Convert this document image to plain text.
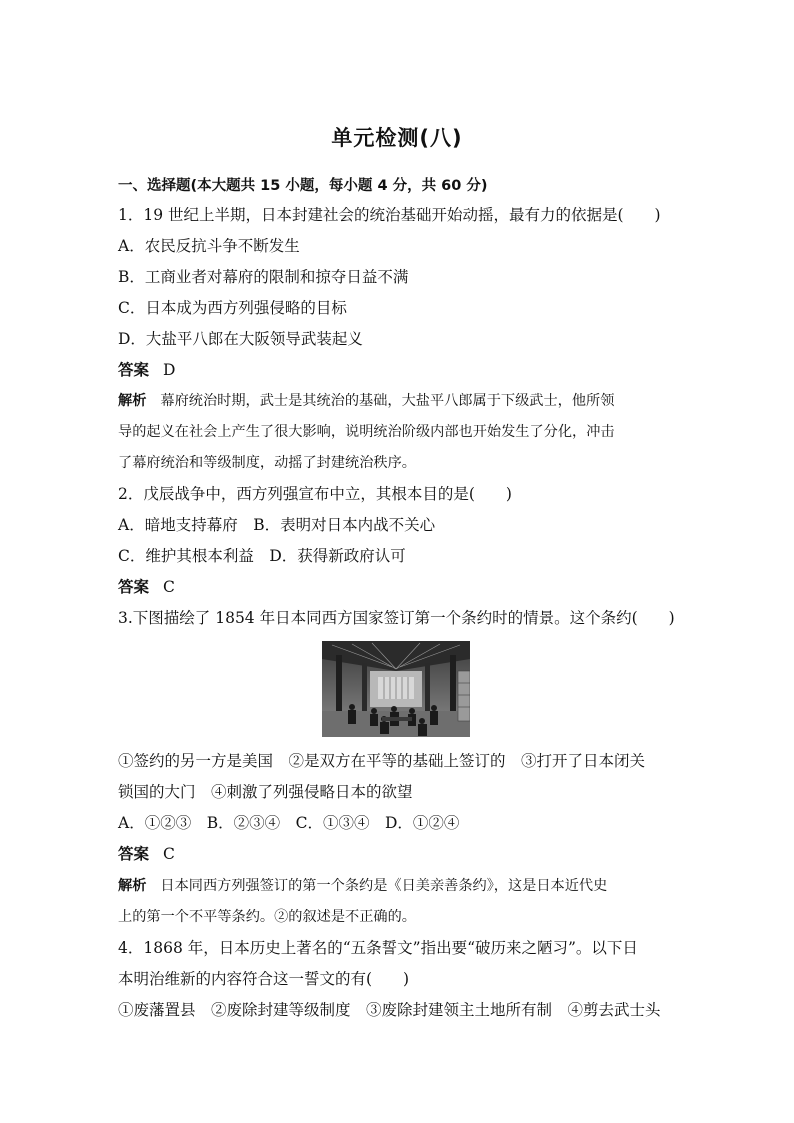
单元检测(八)
一、选择题(本大题共 15 小题，每小题 4 分，共 60 分)
1．19 世纪上半期，日本封建社会的统治基础开始动摇，最有力的依据是(　　)
A．农民反抗斗争不断发生
B．工商业者对幕府的限制和掠夺日益不满
C．日本成为西方列强侵略的目标
D．大盐平八郎在大阪领导武装起义
答案 D
解析 幕府统治时期，武士是其统治的基础，大盐平八郎属于下级武士，他所领
导的起义在社会上产生了很大影响，说明统治阶级内部也开始发生了分化，冲击
了幕府统治和等级制度，动摇了封建统治秩序。
2．戊辰战争中，西方列强宣布中立，其根本目的是(　　)
A．暗地支持幕府　B．表明对日本内战不关心
C．维护其根本利益　D．获得新政府认可
答案 C
3.下图描绘了 1854 年日本同西方国家签订第一个条约时的情景。这个条约(　　)
①签约的另一方是美国　②是双方在平等的基础上签订的　③打开了日本闭关
锁国的大门　④刺激了列强侵略日本的欲望
A．①②③　B．②③④　C．①③④　D．①②④
答案 C
解析 日本同西方列强签订的第一个条约是《日美亲善条约》，这是日本近代史
上的第一个不平等条约。②的叙述是不正确的。
4．1868 年，日本历史上著名的“五条誓文”指出要“破历来之陋习”。以下日
本明治维新的内容符合这一誓文的有(　　)
①废藩置县　②废除封建等级制度　③废除封建领主土地所有制　④剪去武士头
